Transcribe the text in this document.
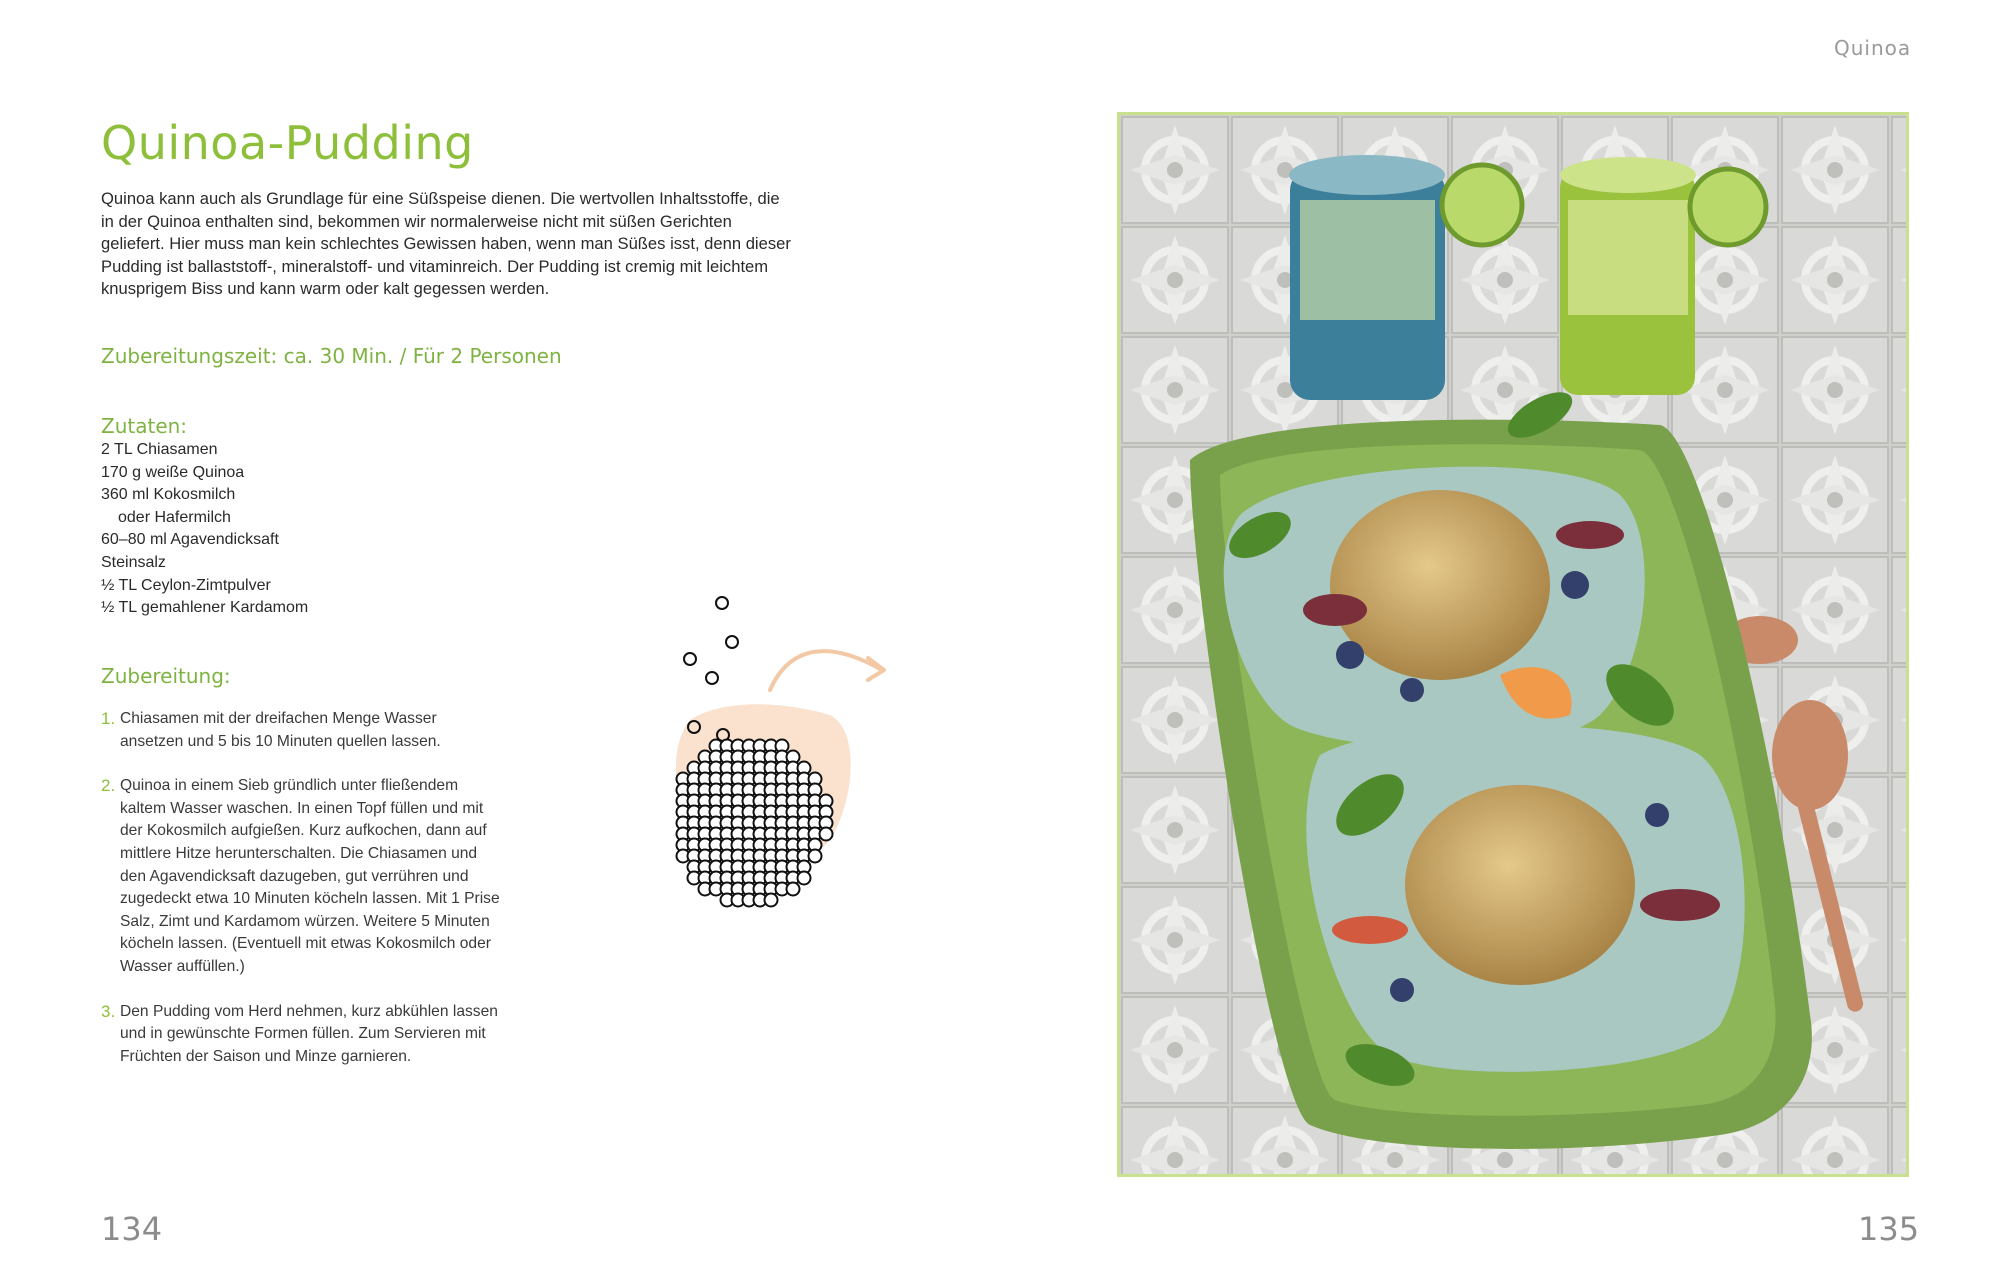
Quinoa
Quinoa-Pudding

Quinoa kann auch als Grundlage für eine Süßspeise dienen. Die wertvollen Inhaltsstoffe, die in der Quinoa enthalten sind, bekommen wir normalerweise nicht mit süßen Gerichten geliefert. Hier muss man kein schlechtes Gewissen haben, wenn man Süßes isst, denn dieser Pudding ist ballaststoff-, mineralstoff- und vitaminreich. Der Pudding ist cremig mit leichtem knusprigem Biss und kann warm oder kalt gegessen werden.

Zubereitungszeit: ca. 30 Min. / Für 2 Personen

Zutaten:
2 TL Chiasamen
170 g weiße Quinoa
360 ml Kokosmilch
oder Hafermilch
60–80 ml Agavendicksaft
Steinsalz
½ TL Ceylon-Zimtpulver
½ TL gemahlener Kardamom
Zubereitung:
1. Chiasamen mit der dreifachen Menge Wasser ansetzen und 5 bis 10 Minuten quellen lassen.
2. Quinoa in einem Sieb gründlich unter fließendem kaltem Wasser waschen. In einen Topf füllen und mit der Kokosmilch aufgießen. Kurz aufkochen, dann auf mittlere Hitze herunterschalten. Die Chiasamen und den Agavendicksaft dazugeben, gut verrühren und zugedeckt etwa 10 Minuten köcheln lassen. Mit 1 Prise Salz, Zimt und Kardamom würzen. Weitere 5 Minuten köcheln lassen. (Eventuell mit etwas Kokosmilch oder Wasser auffüllen.)
3. Den Pudding vom Herd nehmen, kurz abkühlen lassen und in gewünschte Formen füllen. Zum Servieren mit Früchten der Saison und Minze garnieren.
134	135
